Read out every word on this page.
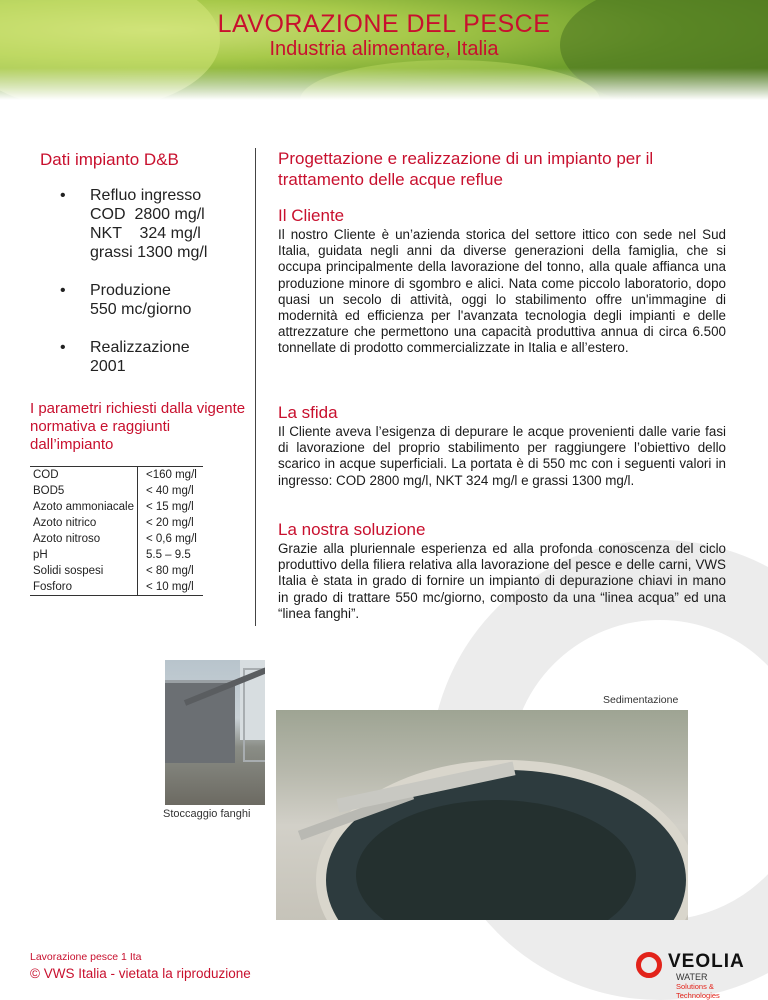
LAVORAZIONE DEL PESCE
Industria alimentare, Italia
Dati impianto D&B
• Refluo ingresso
COD  2800 mg/l
NKT    324 mg/l
grassi 1300 mg/l
• Produzione
550 mc/giorno
• Realizzazione
2001
I parametri richiesti dalla vigente normativa e raggiunti dall’impianto
COD	<160 mg/l
BOD5	< 40 mg/l
Azoto ammoniacale	< 15 mg/l
Azoto nitrico	< 20 mg/l
Azoto nitroso	< 0,6 mg/l
pH	5.5 – 9.5
Solidi sospesi	< 80 mg/l
Fosforo	< 10 mg/l
Progettazione e realizzazione di un impianto per il trattamento delle acque reflue
Il Cliente
Il nostro Cliente è un’azienda storica del settore ittico con sede nel Sud Italia, guidata negli anni da diverse generazioni della famiglia, che si occupa principalmente della lavorazione del tonno, alla quale affianca una produzione minore di sgombro e alici. Nata come piccolo laboratorio, dopo quasi un secolo di attività, oggi lo stabilimento offre un'immagine di modernità ed efficienza per l'avanzata tecnologia degli impianti e delle attrezzature che permettono una capacità produttiva annua di circa 6.500 tonnellate di prodotto commercializzate in Italia e all’estero.
La sfida
Il Cliente aveva l’esigenza di depurare le acque provenienti dalle varie fasi di lavorazione del proprio stabilimento per raggiungere l’obiettivo dello scarico in acque superficiali. La portata è di 550 mc con i seguenti valori in ingresso: COD 2800 mg/l, NKT 324 mg/l e grassi 1300 mg/l.
La nostra soluzione
Grazie alla pluriennale esperienza ed alla profonda conoscenza del ciclo produttivo della filiera relativa alla lavorazione del pesce e delle carni, VWS Italia è stata in grado di fornire un impianto di depurazione chiavi in mano in grado di trattare 550 mc/giorno, composto da una “linea acqua” ed una “linea fanghi”.
Stoccaggio fanghi
Sedimentazione
Lavorazione pesce 1 Ita
© VWS Italia - vietata la riproduzione
VEOLIA
WATER
Solutions & Technologies
